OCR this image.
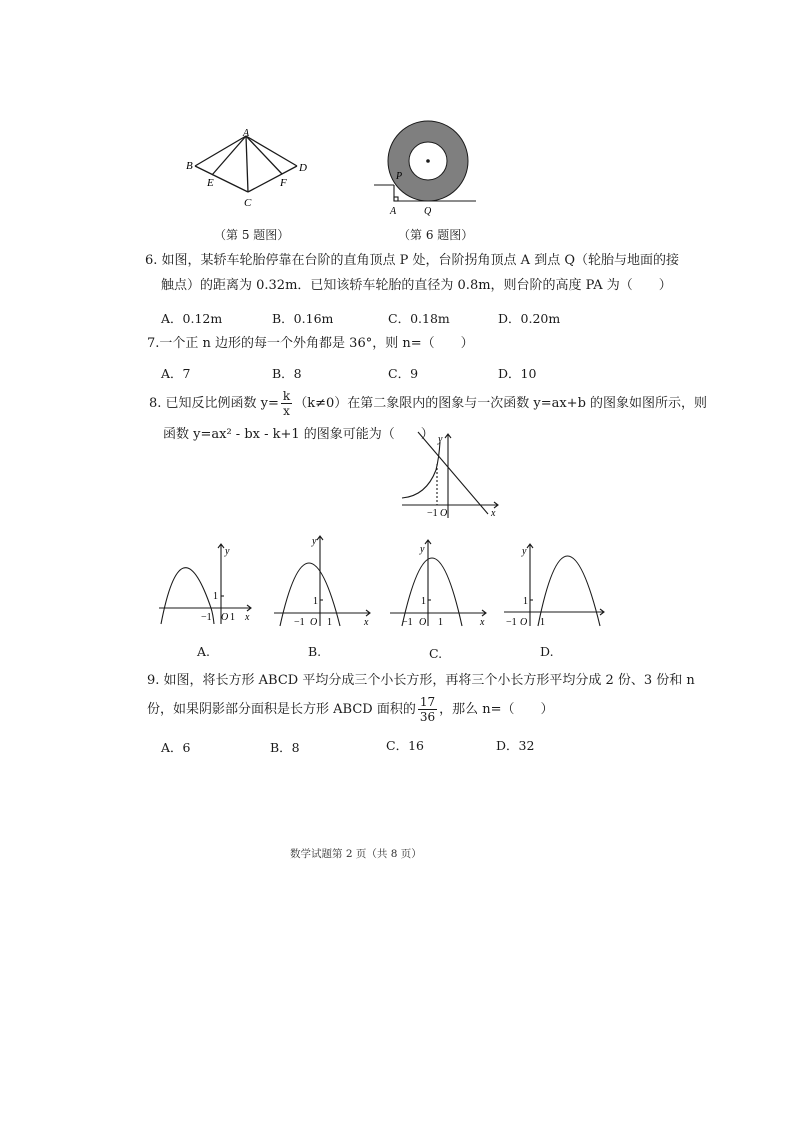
A
B	D
E	F
C
P
A	Q
（第 5 题图）	（第 6 题图）
6. 如图，某轿车轮胎停靠在台阶的直角顶点 P 处，台阶拐角顶点 A 到点 Q（轮胎与地面的接
触点）的距离为 0.32m．已知该轿车轮胎的直径为 0.8m，则台阶的高度 PA 为（　　）
A．0.12m	B．0.16m	C．0.18m	D．0.20m
7.一个正 n 边形的每一个外角都是 36°，则 n=（　　）
A．7	B．8	C．9	D．10
8. 已知反比例函数 $y= \frac{k}{x} (k\ne 0)$在第二象限内的图象与一次函数 y=ax+b 的图象如图所示，则
函数 y=ax² - bx - k+1 的图象可能为（　　） y
x
−1 O
y
1
−1 O 1 x
y
1
−1 O 1	x
y
1
−1 O 1	x
y
1
−1 O 1
A.	B.	C.	D.
9. 如图，将长方形 ABCD 平均分成三个小长方形，再将三个小长方形平均分成 2 份、3 份和 n
份，如果阴影部分面积是长方形 ABCD 面积的 $\frac{17}{36}$ ，那么 n=（　　）
A．6	B．8	C．16	D．32
数学试题第 2 页（共 8 页）
